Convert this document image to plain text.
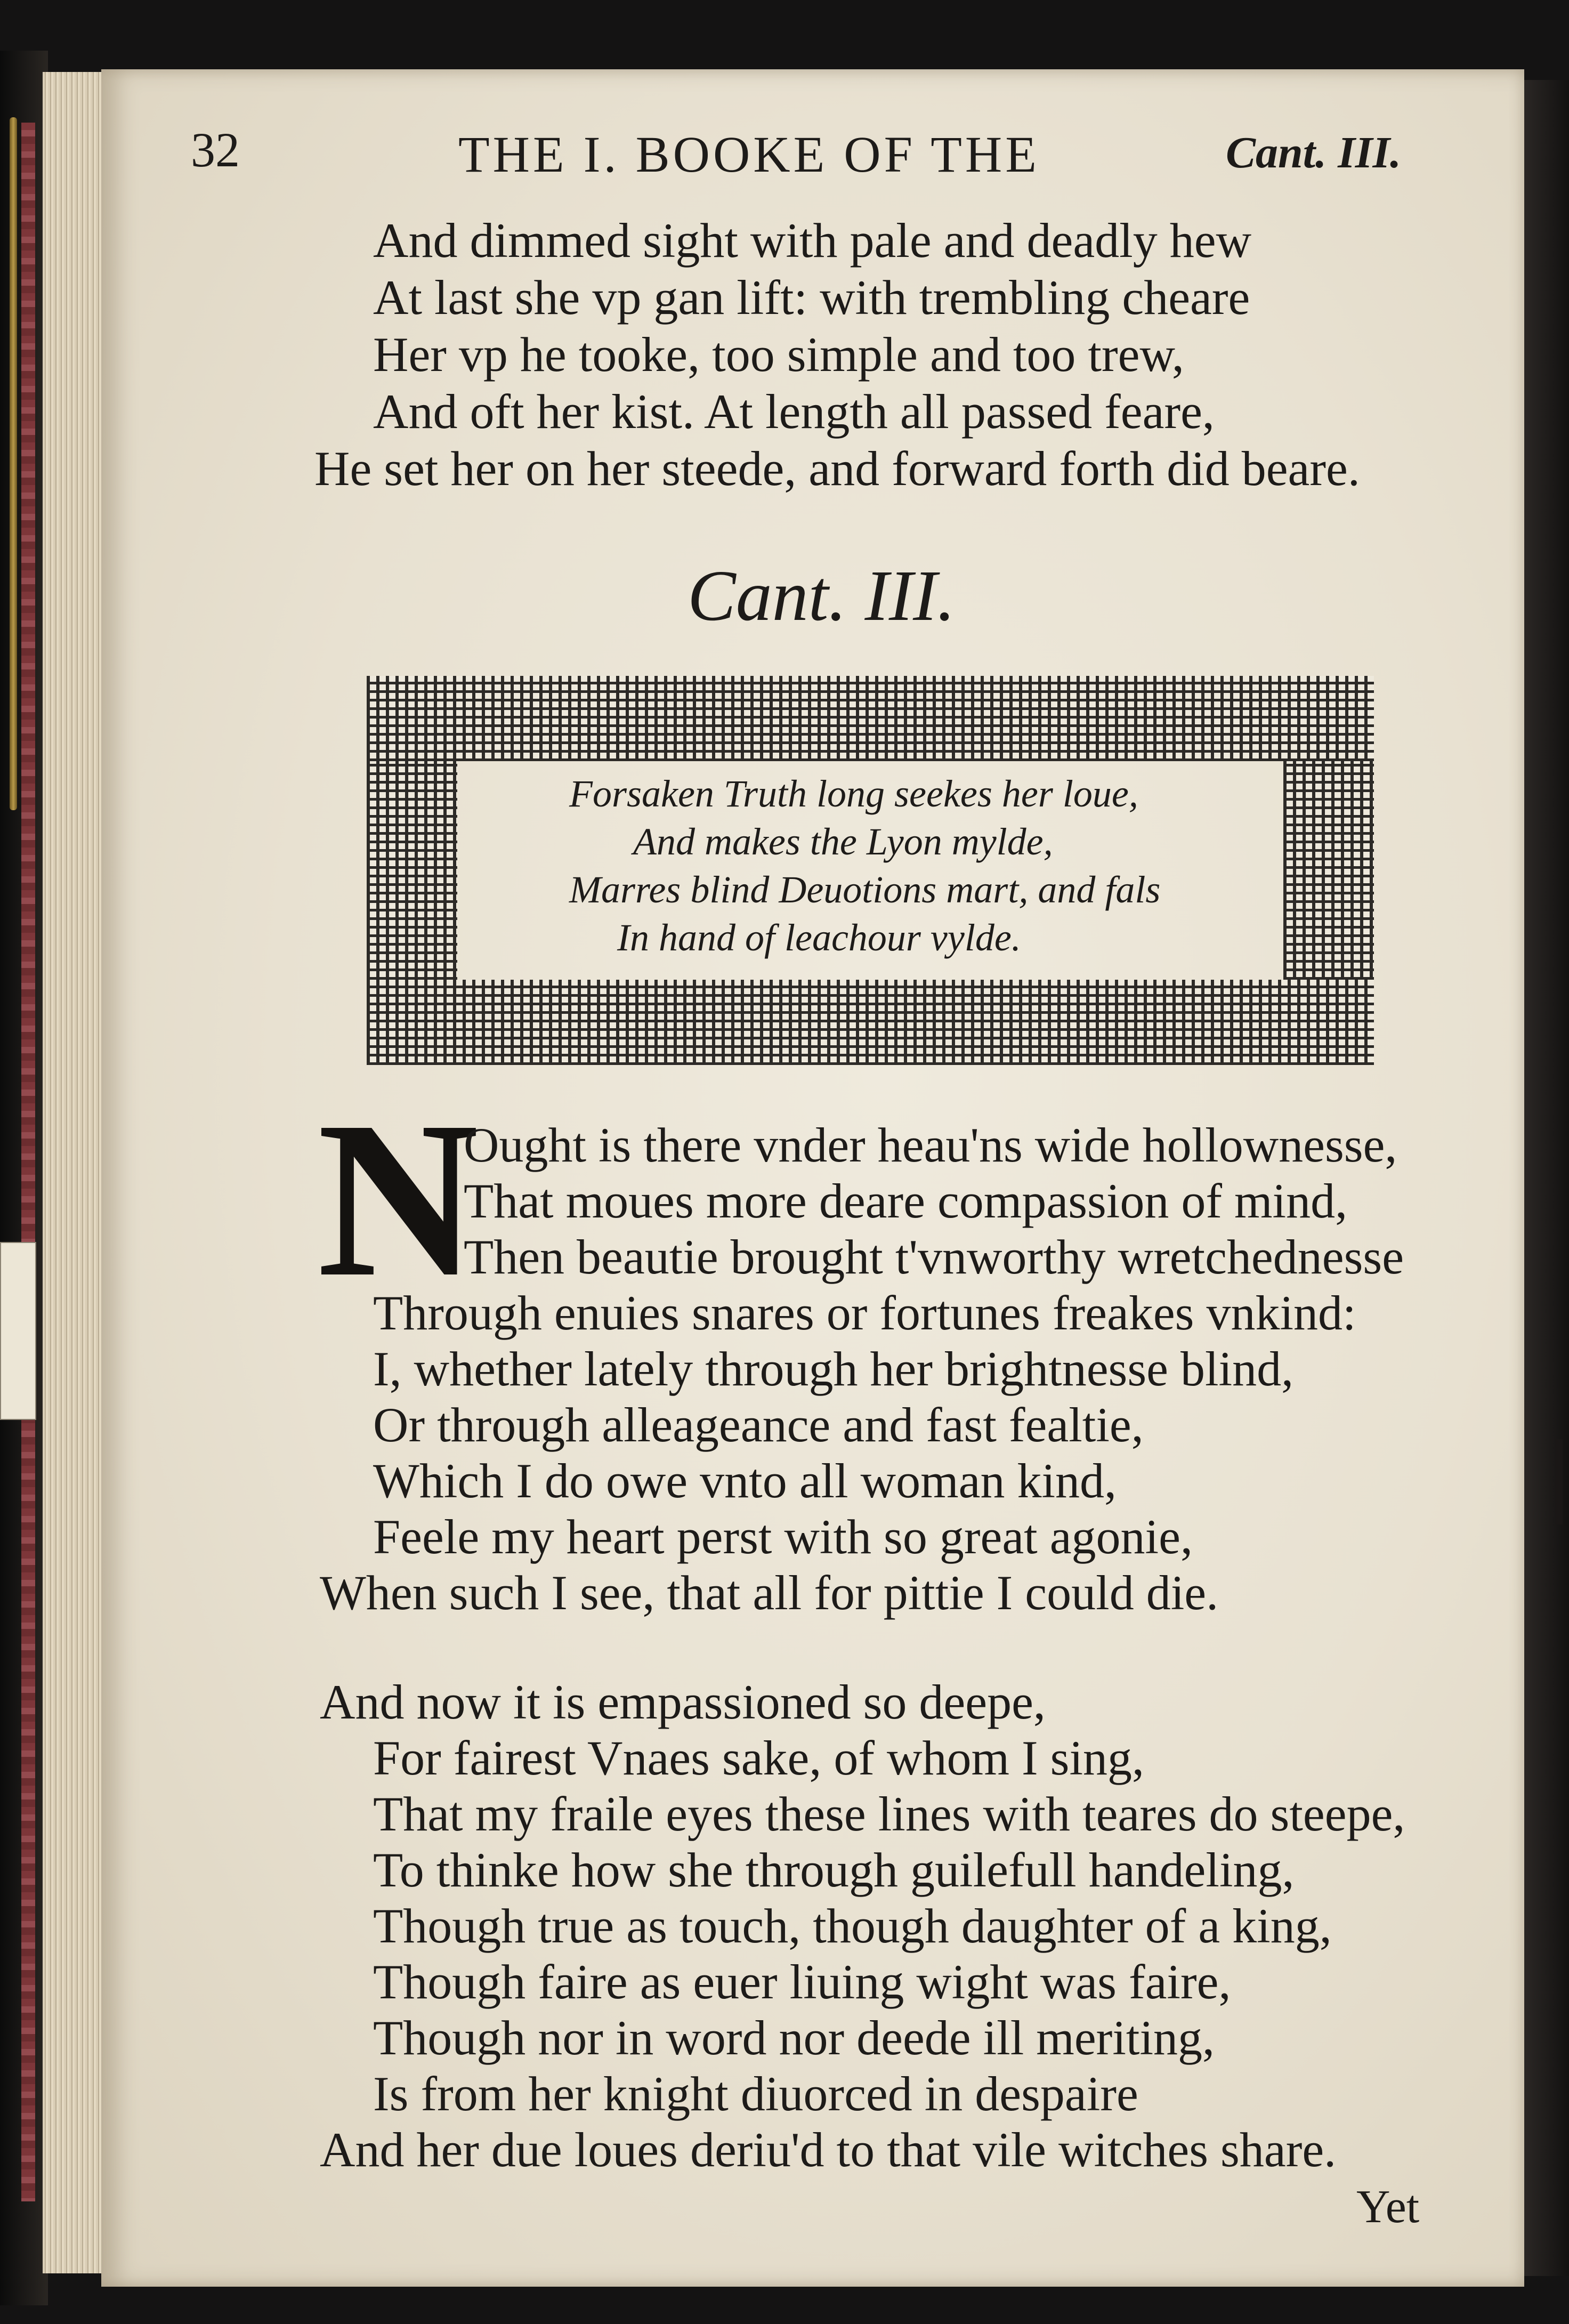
32	THE I. BOOKE OF THE	Cant. III.
And dimmed sight with pale and deadly hew
At last she vp gan lift: with trembling cheare
Her vp he tooke, too simple and too trew,
And oft her kist. At length all passed feare,
He set her on her steede, and forward forth did beare.
Cant. III.
Forsaken Truth long seekes her loue,
And makes the Lyon mylde,
Marres blind Deuotions mart, and fals
In hand of leachour vylde.
N
Ought is there vnder heau'ns wide hollownesse,
That moues more deare compassion of mind,
Then beautie brought t'vnworthy wretchednesse
Through enuies snares or fortunes freakes vnkind:
I, whether lately through her brightnesse blind,
Or through alleageance and fast fealtie,
Which I do owe vnto all woman kind,
Feele my heart perst with so great agonie,
When such I see, that all for pittie I could die.
And now it is empassioned so deepe,
For fairest Vnaes sake, of whom I sing,
That my fraile eyes these lines with teares do steepe,
To thinke how she through guilefull handeling,
Though true as touch, though daughter of a king,
Though faire as euer liuing wight was faire,
Though nor in word nor deede ill meriting,
Is from her knight diuorced in despaire
And her due loues deriu'd to that vile witches share.
Yet
